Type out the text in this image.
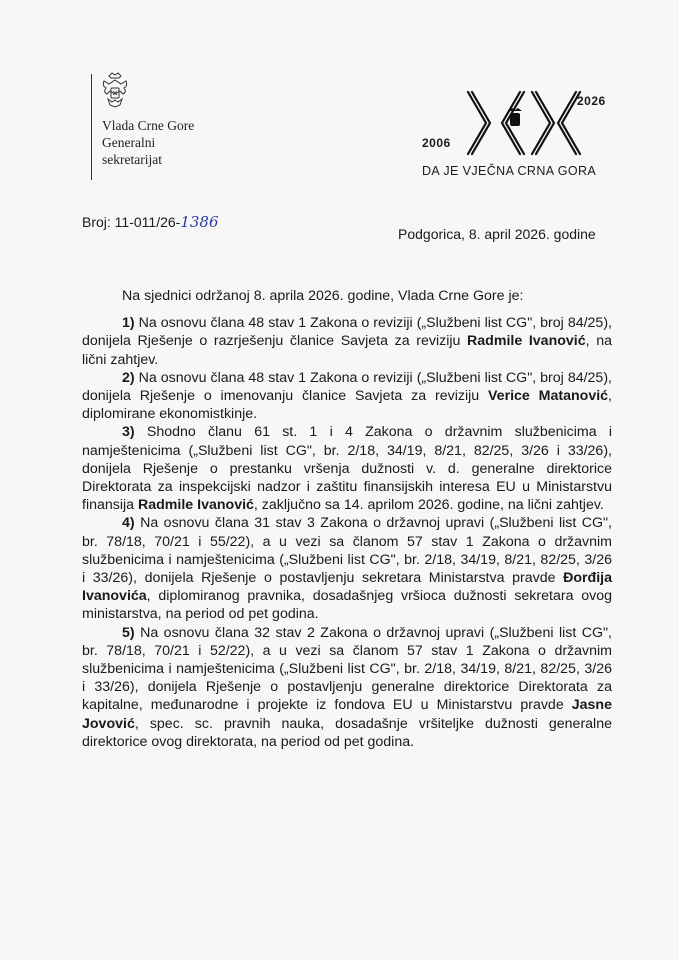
Vlada Crne Gore
Generalni
sekretarijat
2006
2026
DA JE VJEČNA CRNA GORA
Broj: 11-011/26-1386
Podgorica, 8. april 2026. godine

Na sjednici održanoj 8. aprila 2026. godine, Vlada Crne Gore je:

1) Na osnovu člana 48 stav 1 Zakona o reviziji („Službeni list CG", broj 84/25), donijela Rješenje o razrješenju članice Savjeta za reviziju Radmile Ivanović, na lični zahtjev.

2) Na osnovu člana 48 stav 1 Zakona o reviziji („Službeni list CG", broj 84/25), donijela Rješenje o imenovanju članice Savjeta za reviziju Verice Matanović, diplomirane ekonomistkinje.

3) Shodno članu 61 st. 1 i 4 Zakona o državnim službenicima i namještenicima („Službeni list CG", br. 2/18, 34/19, 8/21, 82/25, 3/26 i 33/26), donijela Rješenje o prestanku vršenja dužnosti v. d. generalne direktorice Direktorata za inspekcijski nadzor i zaštitu finansijskih interesa EU u Ministarstvu finansija Radmile Ivanović, zaključno sa 14. aprilom 2026. godine, na lični zahtjev.

4) Na osnovu člana 31 stav 3 Zakona o državnoj upravi („Službeni list CG", br. 78/18, 70/21 i 55/22), a u vezi sa članom 57 stav 1 Zakona o državnim službenicima i namještenicima („Službeni list CG", br. 2/18, 34/19, 8/21, 82/25, 3/26 i 33/26), donijela Rješenje o postavljenju sekretara Ministarstva pravde Đorđija Ivanovića, diplomiranog pravnika, dosadašnjeg vršioca dužnosti sekretara ovog ministarstva, na period od pet godina.

5) Na osnovu člana 32 stav 2 Zakona o državnoj upravi („Službeni list CG", br. 78/18, 70/21 i 52/22), a u vezi sa članom 57 stav 1 Zakona o državnim službenicima i namještenicima („Službeni list CG", br. 2/18, 34/19, 8/21, 82/25, 3/26 i 33/26), donijela Rješenje o postavljenju generalne direktorice Direktorata za kapitalne, međunarodne i projekte iz fondova EU u Ministarstvu pravde Jasne Jovović, spec. sc. pravnih nauka, dosadašnje vršiteljke dužnosti generalne direktorice ovog direktorata, na period od pet godina.
